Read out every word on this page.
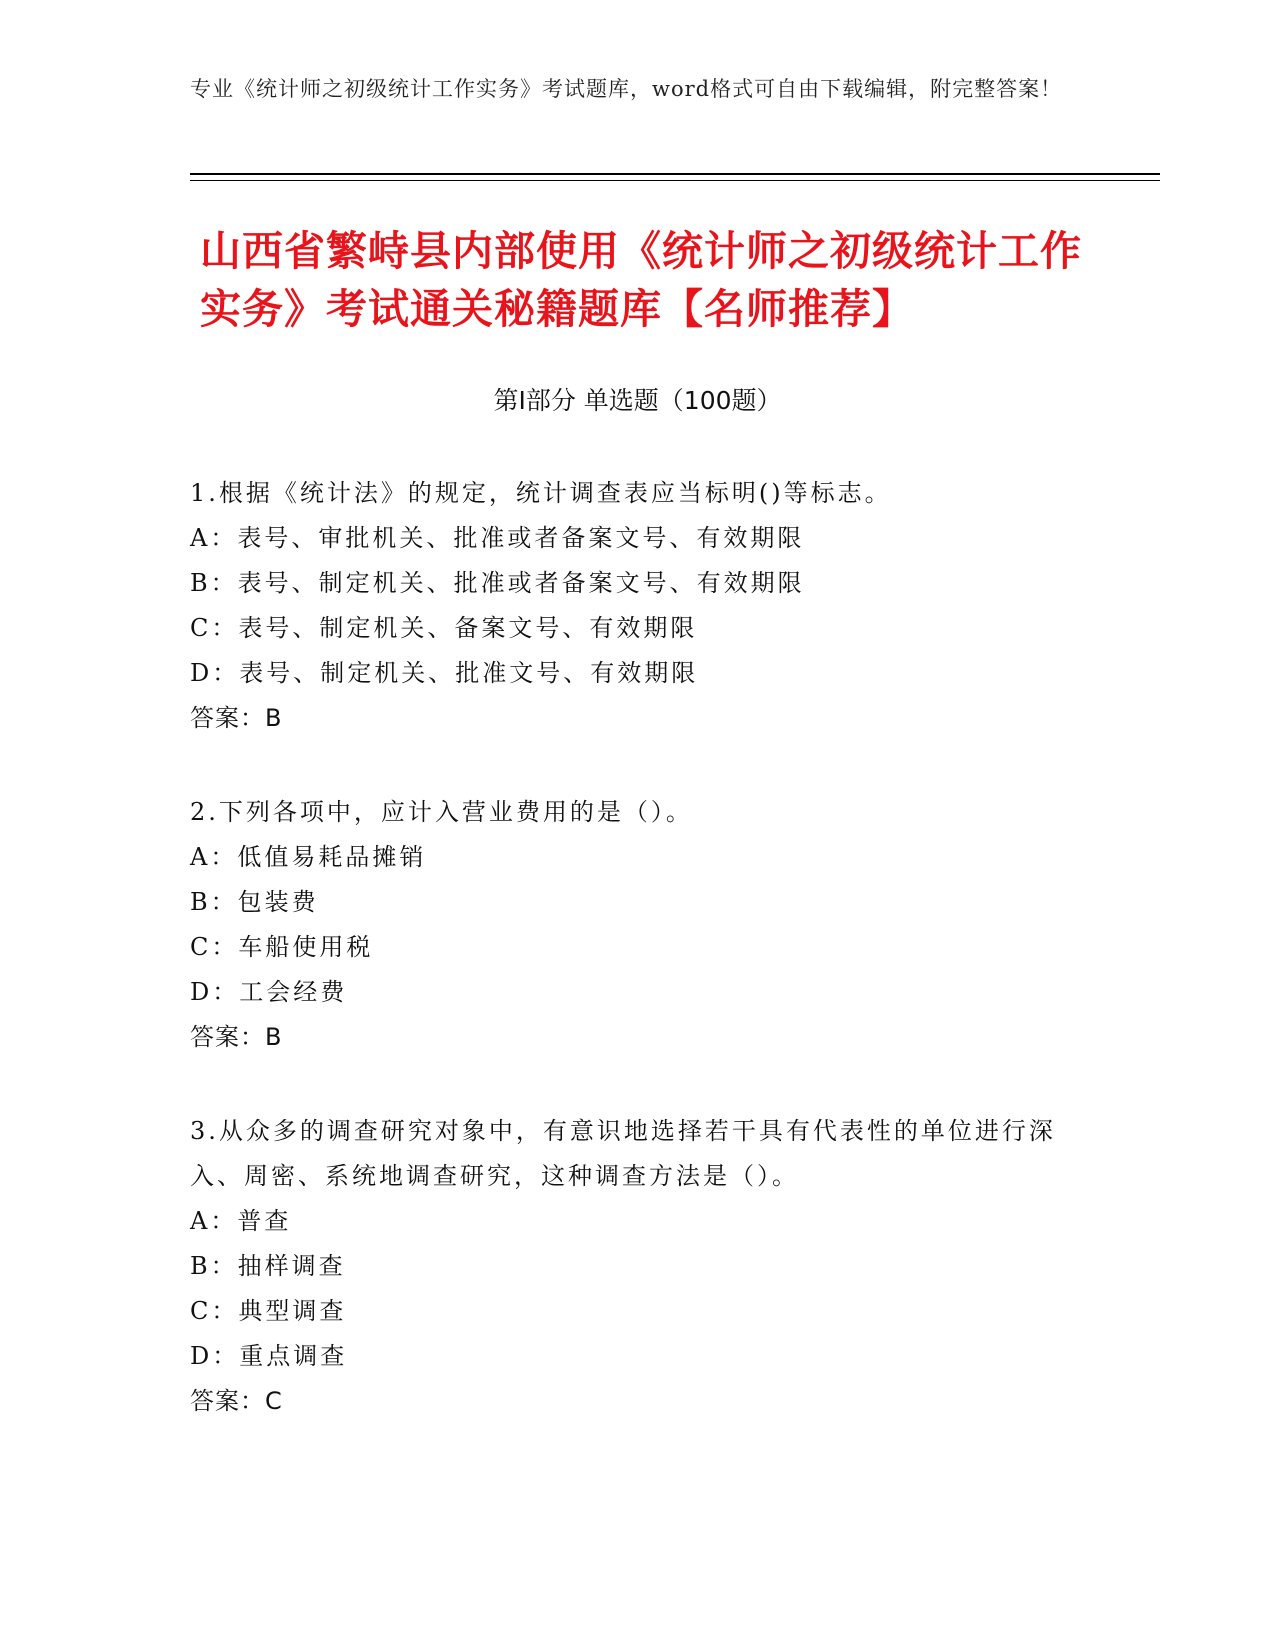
专业《统计师之初级统计工作实务》考试题库，word格式可自由下载编辑，附完整答案！
山西省繁峙县内部使用《统计师之初级统计工作实务》考试通关秘籍题库【名师推荐】
第I部分 单选题（100题）
1.根据《统计法》的规定，统计调查表应当标明()等标志。
A：表号、审批机关、批准或者备案文号、有效期限
B：表号、制定机关、批准或者备案文号、有效期限
C：表号、制定机关、备案文号、有效期限
D：表号、制定机关、批准文号、有效期限
答案：B
2.下列各项中，应计入营业费用的是（）。
A：低值易耗品摊销
B：包装费
C：车船使用税
D：工会经费
答案：B
3.从众多的调查研究对象中，有意识地选择若干具有代表性的单位进行深入、周密、系统地调查研究，这种调查方法是（）。
A：普查
B：抽样调查
C：典型调查
D：重点调查
答案：C
